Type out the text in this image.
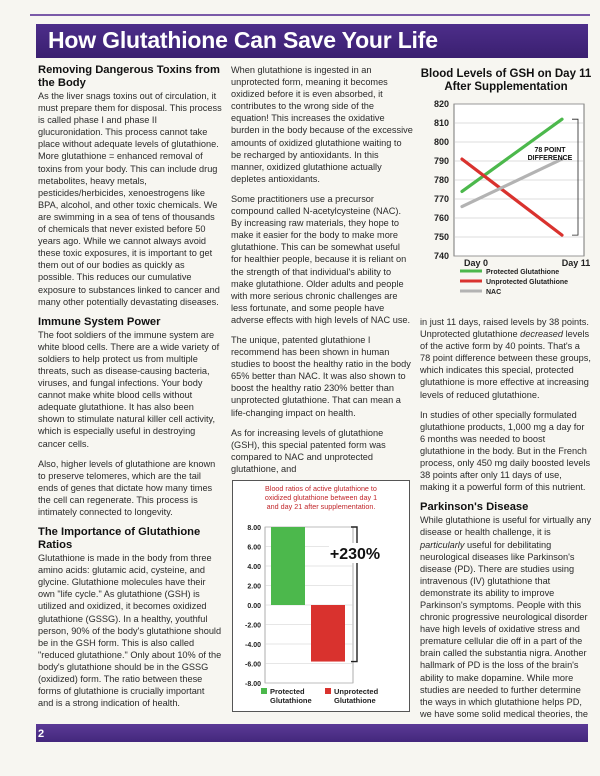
How Glutathione Can Save Your Life
Removing Dangerous Toxins from the Body

As the liver snags toxins out of circulation, it must prepare them for disposal. This process is called phase I and phase II glucuronidation. This process cannot take place without adequate levels of glutathione. More glutathione = enhanced removal of toxins from your body. This can include drug metabolites, heavy metals, pesticides/herbicides, xenoestrogens like BPA, alcohol, and other toxic chemicals. We are swimming in a sea of tens of thousands of chemicals that never existed before 50 years ago. While we cannot always avoid these toxic exposures, it is important to get them out of our bodies as quickly as possible. This reduces our cumulative exposure to substances linked to cancer and many other potentially devastating diseases.

Immune System Power

The foot soldiers of the immune system are white blood cells. There are a wide variety of soldiers to help protect us from multiple threats, such as disease-causing bacteria, viruses, and fungal infections. Your body cannot make white blood cells without adequate glutathione. It has also been shown to stimulate natural killer cell activity, which is especially useful in destroying cancer cells.

Also, higher levels of glutathione are known to preserve telomeres, which are the tail ends of genes that dictate how many times the cell can regenerate. This process is intimately connected to longevity.

The Importance of Glutathione Ratios

Glutathione is made in the body from three amino acids: glutamic acid, cysteine, and glycine. Glutathione molecules have their own "life cycle." As glutathione (GSH) is utilized and oxidized, it becomes oxidized glutathione (GSSG). In a healthy, youthful person, 90% of the body's glutathione should be in the GSH form. This is also called "reduced glutathione." Only about 10% of the body's glutathione should be in the GSSG (oxidized) form. The ratio between these forms of glutathione is crucially important and is a strong indication of health.

When glutathione is ingested in an unprotected form, meaning it becomes oxidized before it is even absorbed, it contributes to the wrong side of the equation! This increases the oxidative burden in the body because of the excessive amounts of oxidized glutathione waiting to be recharged by antioxidants. In this manner, oxidized glutathione actually depletes antioxidants.

Some practitioners use a precursor compound called N-acetylcysteine (NAC). By increasing raw materials, they hope to make it easier for the body to make more glutathione. This can be somewhat useful for healthier people, because it is reliant on the strength of that individual's ability to make glutathione. Older adults and people with more serious chronic challenges are less fortunate, and some people have adverse effects with high levels of NAC use.

The unique, patented glutathione I recommend has been shown in human studies to boost the healthy ratio in the body 65% better than NAC. It was also shown to boost the healthy ratio 230% better than unprotected glutathione. That can mean a life-changing impact on health.

As for increasing levels of glutathione (GSH), this special patented form was compared to NAC and unprotected glutathione, and

Blood Levels of GSH on Day 11
After Supplementation
740
750
760
770
780
790
800
810
820
Day 0	Day 11
78 POINT
DIFFERENCE
Protected Glutathione
Unprotected Glutathione
NAC

in just 11 days, raised levels by 38 points. Unprotected glutathione decreased levels of the active form by 40 points. That's a 78 point difference between these groups, which indicates this special, protected glutathione is more effective at increasing levels of reduced glutathione.

In studies of other specially formulated glutathione products, 1,000 mg a day for 6 months was needed to boost glutathione in the body. But in the French process, only 450 mg daily boosted levels 38 points after only 11 days of use, making it a powerful form of this nutrient.

Parkinson's Disease

While glutathione is useful for virtually any disease or health challenge, it is particularly useful for debilitating neurological diseases like Parkinson's disease (PD). There are studies using intravenous (IV) glutathione that demonstrate its ability to improve Parkinson's symptoms. People with this chronic progressive neurological disorder have high levels of oxidative stress and premature cellular die off in a part of the brain called the substantia nigra. Another hallmark of PD is the loss of the brain's ability to make dopamine. While more studies are needed to further determine the ways in which glutathione helps PD, we have some solid medical theories, the

Blood ratios of active glutathione to
oxidized glutathione between day 1
and day 21 after supplementation.
8.00
6.00
4.00
2.00
0.00
-2.00
-4.00
-6.00
-8.00
+230%
Protected
Glutathione
Unprotected
Glutathione
2
